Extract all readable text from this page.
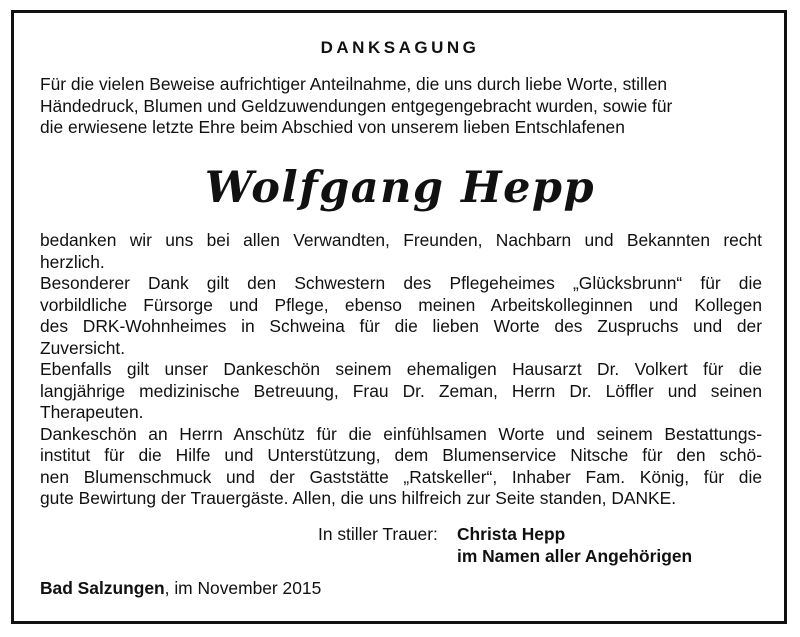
DANKSAGUNG
Für die vielen Beweise aufrichtiger Anteilnahme, die uns durch liebe Worte, stillen
Händedruck, Blumen und Geldzuwendungen entgegengebracht wurden, sowie für
die erwiesene letzte Ehre beim Abschied von unserem lieben Entschlafenen
Wolfgang Hepp
bedanken wir uns bei allen Verwandten, Freunden, Nachbarn und Bekannten recht
herzlich.
Besonderer Dank gilt den Schwestern des Pflegeheimes „Glücksbrunn“ für die
vorbildliche Fürsorge und Pflege, ebenso meinen Arbeitskolleginnen und Kollegen
des DRK-Wohnheimes in Schweina für die lieben Worte des Zuspruchs und der
Zuversicht.
Ebenfalls gilt unser Dankeschön seinem ehemaligen Hausarzt Dr. Volkert für die
langjährige medizinische Betreuung, Frau Dr. Zeman, Herrn Dr. Löffler und seinen
Therapeuten.
Dankeschön an Herrn Anschütz für die einfühlsamen Worte und seinem Bestattungs-
institut für die Hilfe und Unterstützung, dem Blumenservice Nitsche für den schö-
nen Blumenschmuck und der Gaststätte „Ratskeller“, Inhaber Fam. König, für die
gute Bewirtung der Trauergäste. Allen, die uns hilfreich zur Seite standen, DANKE.
In stiller Trauer:	Christa Hepp
im Namen aller Angehörigen
Bad Salzungen, im November 2015
